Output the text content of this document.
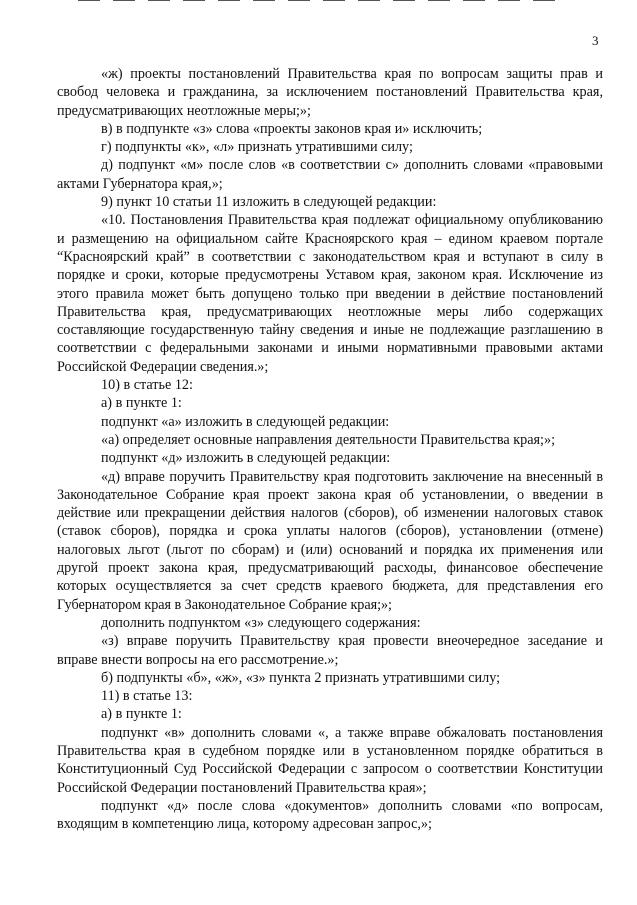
3

«ж) проекты постановлений Правительства края по вопросам защиты прав и свобод человека и гражданина, за исключением постановлений Правительства края, предусматривающих неотложные меры;»;

в) в подпункте «з» слова «проекты законов края и» исключить;

г) подпункты «к», «л» признать утратившими силу;

д) подпункт «м» после слов «в соответствии с» дополнить словами «правовыми актами Губернатора края,»;

9) пункт 10 статьи 11 изложить в следующей редакции:

«10. Постановления Правительства края подлежат официальному опубликованию и размещению на официальном сайте Красноярского края – едином краевом портале “Красноярский край” в соответствии с законодательством края и вступают в силу в порядке и сроки, которые предусмотрены Уставом края, законом края. Исключение из этого правила может быть допущено только при введении в действие постановлений Правительства края, предусматривающих неотложные меры либо содержащих составляющие государственную тайну сведения и иные не подлежащие разглашению в соответствии с федеральными законами и иными нормативными правовыми актами Российской Федерации сведения.»;

10) в статье 12:

а) в пункте 1:

подпункт «а» изложить в следующей редакции:

«а) определяет основные направления деятельности Правительства края;»;

подпункт «д» изложить в следующей редакции:

«д) вправе поручить Правительству края подготовить заключение на внесенный в Законодательное Собрание края проект закона края об установлении, о введении в действие или прекращении действия налогов (сборов), об изменении налоговых ставок (ставок сборов), порядка и срока уплаты налогов (сборов), установлении (отмене) налоговых льгот (льгот по сборам) и (или) оснований и порядка их применения или другой проект закона края, предусматривающий расходы, финансовое обеспечение которых осуществляется за счет средств краевого бюджета, для представления его Губернатором края в Законодательное Собрание края;»;

дополнить подпунктом «з» следующего содержания:

«з) вправе поручить Правительству края провести внеочередное заседание и вправе внести вопросы на его рассмотрение.»;

б) подпункты «б», «ж», «з» пункта 2 признать утратившими силу;

11) в статье 13:

а) в пункте 1:

подпункт «в» дополнить словами «, а также вправе обжаловать постановления Правительства края в судебном порядке или в установленном порядке обратиться в Конституционный Суд Российской Федерации с запросом о соответствии Конституции Российской Федерации постановлений Правительства края»;

подпункт «д» после слова «документов» дополнить словами «по вопросам, входящим в компетенцию лица, которому адресован запрос,»;
